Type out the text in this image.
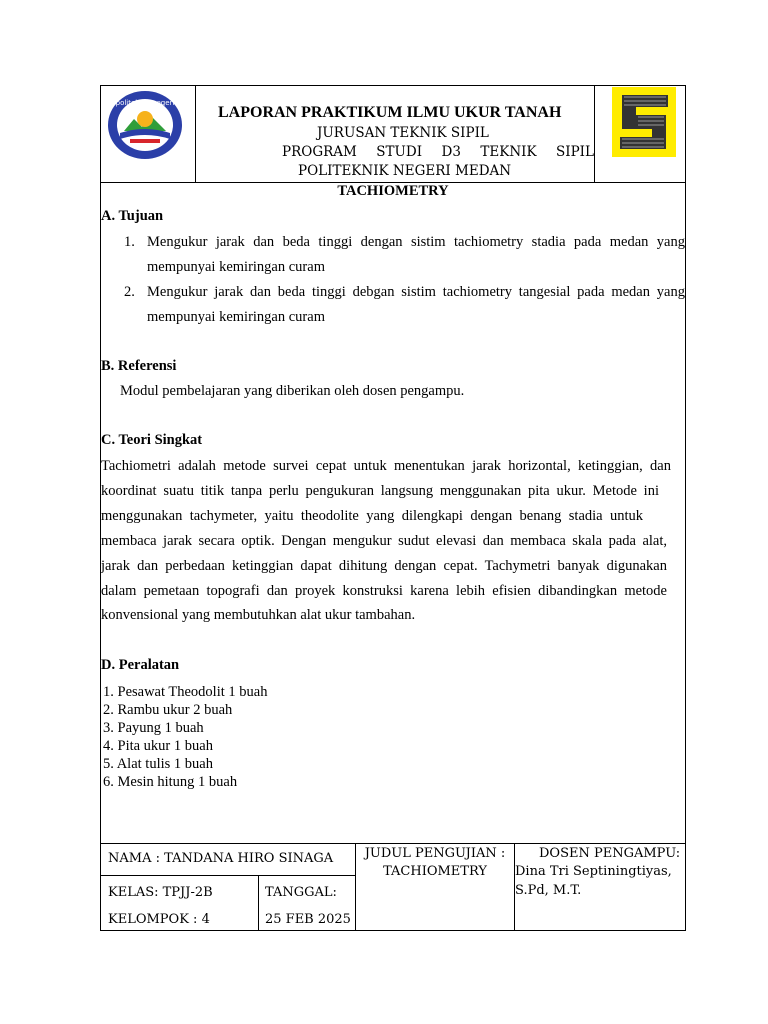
politeknik negeri
LAPORAN PRAKTIKUM ILMU UKUR TANAH
JURUSAN TEKNIK SIPIL
PROGRAM STUDI D3 TEKNIK SIPIL
POLITEKNIK NEGERI MEDAN
TACHIOMETRY
A. Tujuan
1. Mengukur jarak dan beda tinggi dengan sistim tachiometry stadia pada medan yang
mempunyai kemiringan curam
2. Mengukur jarak dan beda tinggi debgan sistim tachiometry tangesial pada medan yang
mempunyai kemiringan curam
B. Referensi
Modul pembelajaran yang diberikan oleh dosen pengampu.
C. Teori Singkat
Tachiometri adalah metode survei cepat untuk menentukan jarak horizontal, ketinggian, dan
koordinat suatu titik tanpa perlu pengukuran langsung menggunakan pita ukur. Metode ini
menggunakan tachymeter, yaitu theodolite yang dilengkapi dengan benang stadia untuk
membaca jarak secara optik. Dengan mengukur sudut elevasi dan membaca skala pada alat,
jarak dan perbedaan ketinggian dapat dihitung dengan cepat. Tachymetri banyak digunakan
dalam pemetaan topografi dan proyek konstruksi karena lebih efisien dibandingkan metode
konvensional yang membutuhkan alat ukur tambahan.
D. Peralatan
1. Pesawat Theodolit 1 buah
2. Rambu ukur 2 buah
3. Payung 1 buah
4. Pita ukur 1 buah
5. Alat tulis 1 buah
6. Mesin hitung 1 buah
NAMA : TANDANA HIRO SINAGA	JUDUL PENGUJIAN :
TACHIOMETRY
DOSEN PENGAMPU:
Dina Tri Septiningtiyas,
S.Pd, M.T.
KELAS: TPJJ-2B
KELOMPOK : 4
TANGGAL:
25 FEB 2025
